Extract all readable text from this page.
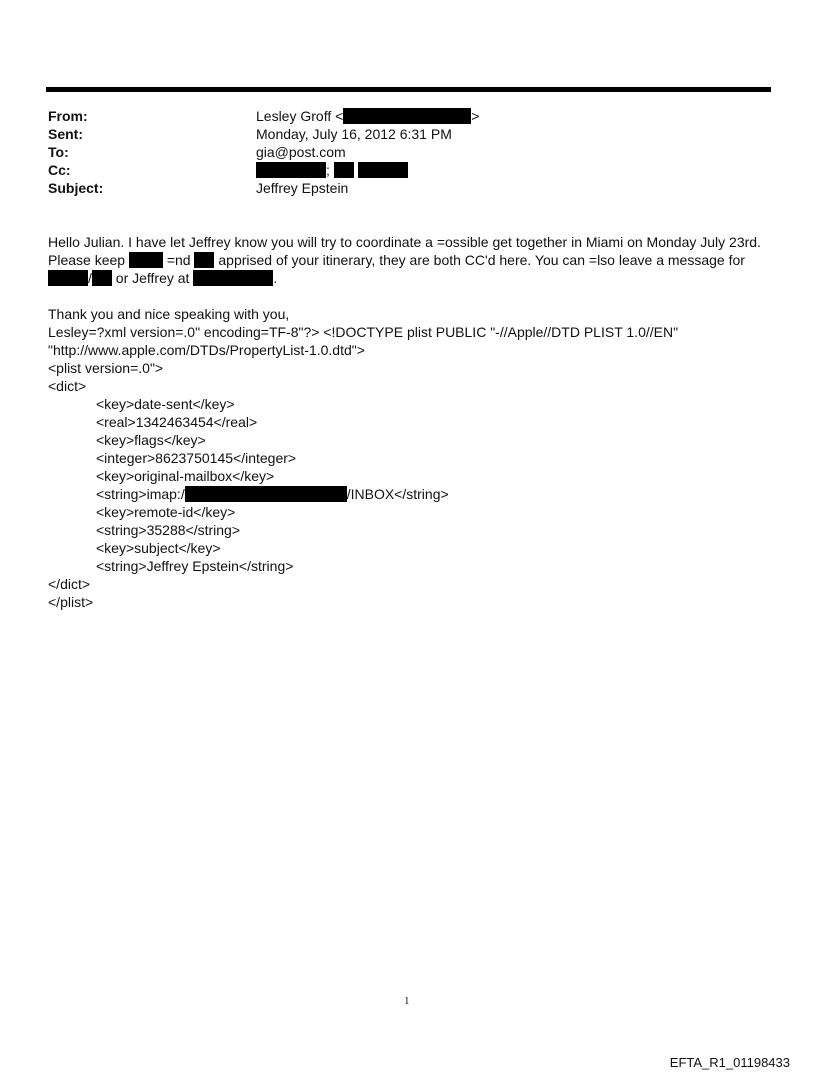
From:	Lesley Groff <	>
Sent:	Monday, July 16, 2012 6:31 PM
To:	gia@post.com
Cc:	;
Subject:	Jeffrey Epstein
Hello Julian. I have let Jeffrey know you will try to coordinate a =ossible get together in Miami on Monday July 23rd.
Please keep  =nd  apprised of your itinerary, they are both CC'd here. You can =lso leave a message for
/ or Jeffrey at	.
Thank you and nice speaking with you,
Lesley=?xml version=.0" encoding=TF-8"?> <!DOCTYPE plist PUBLIC "-//Apple//DTD PLIST 1.0//EN"
"http://www.apple.com/DTDs/PropertyList-1.0.dtd">
<plist version=.0">
<dict>
<key>date-sent</key>
<real>1342463454</real>
<key>flags</key>
<integer>8623750145</integer>
<key>original-mailbox</key>
<string>imap:/	/INBOX</string>
<key>remote-id</key>
<string>35288</string>
<key>subject</key>
<string>Jeffrey Epstein</string>
</dict>
</plist>
1
EFTA_R1_01198433
